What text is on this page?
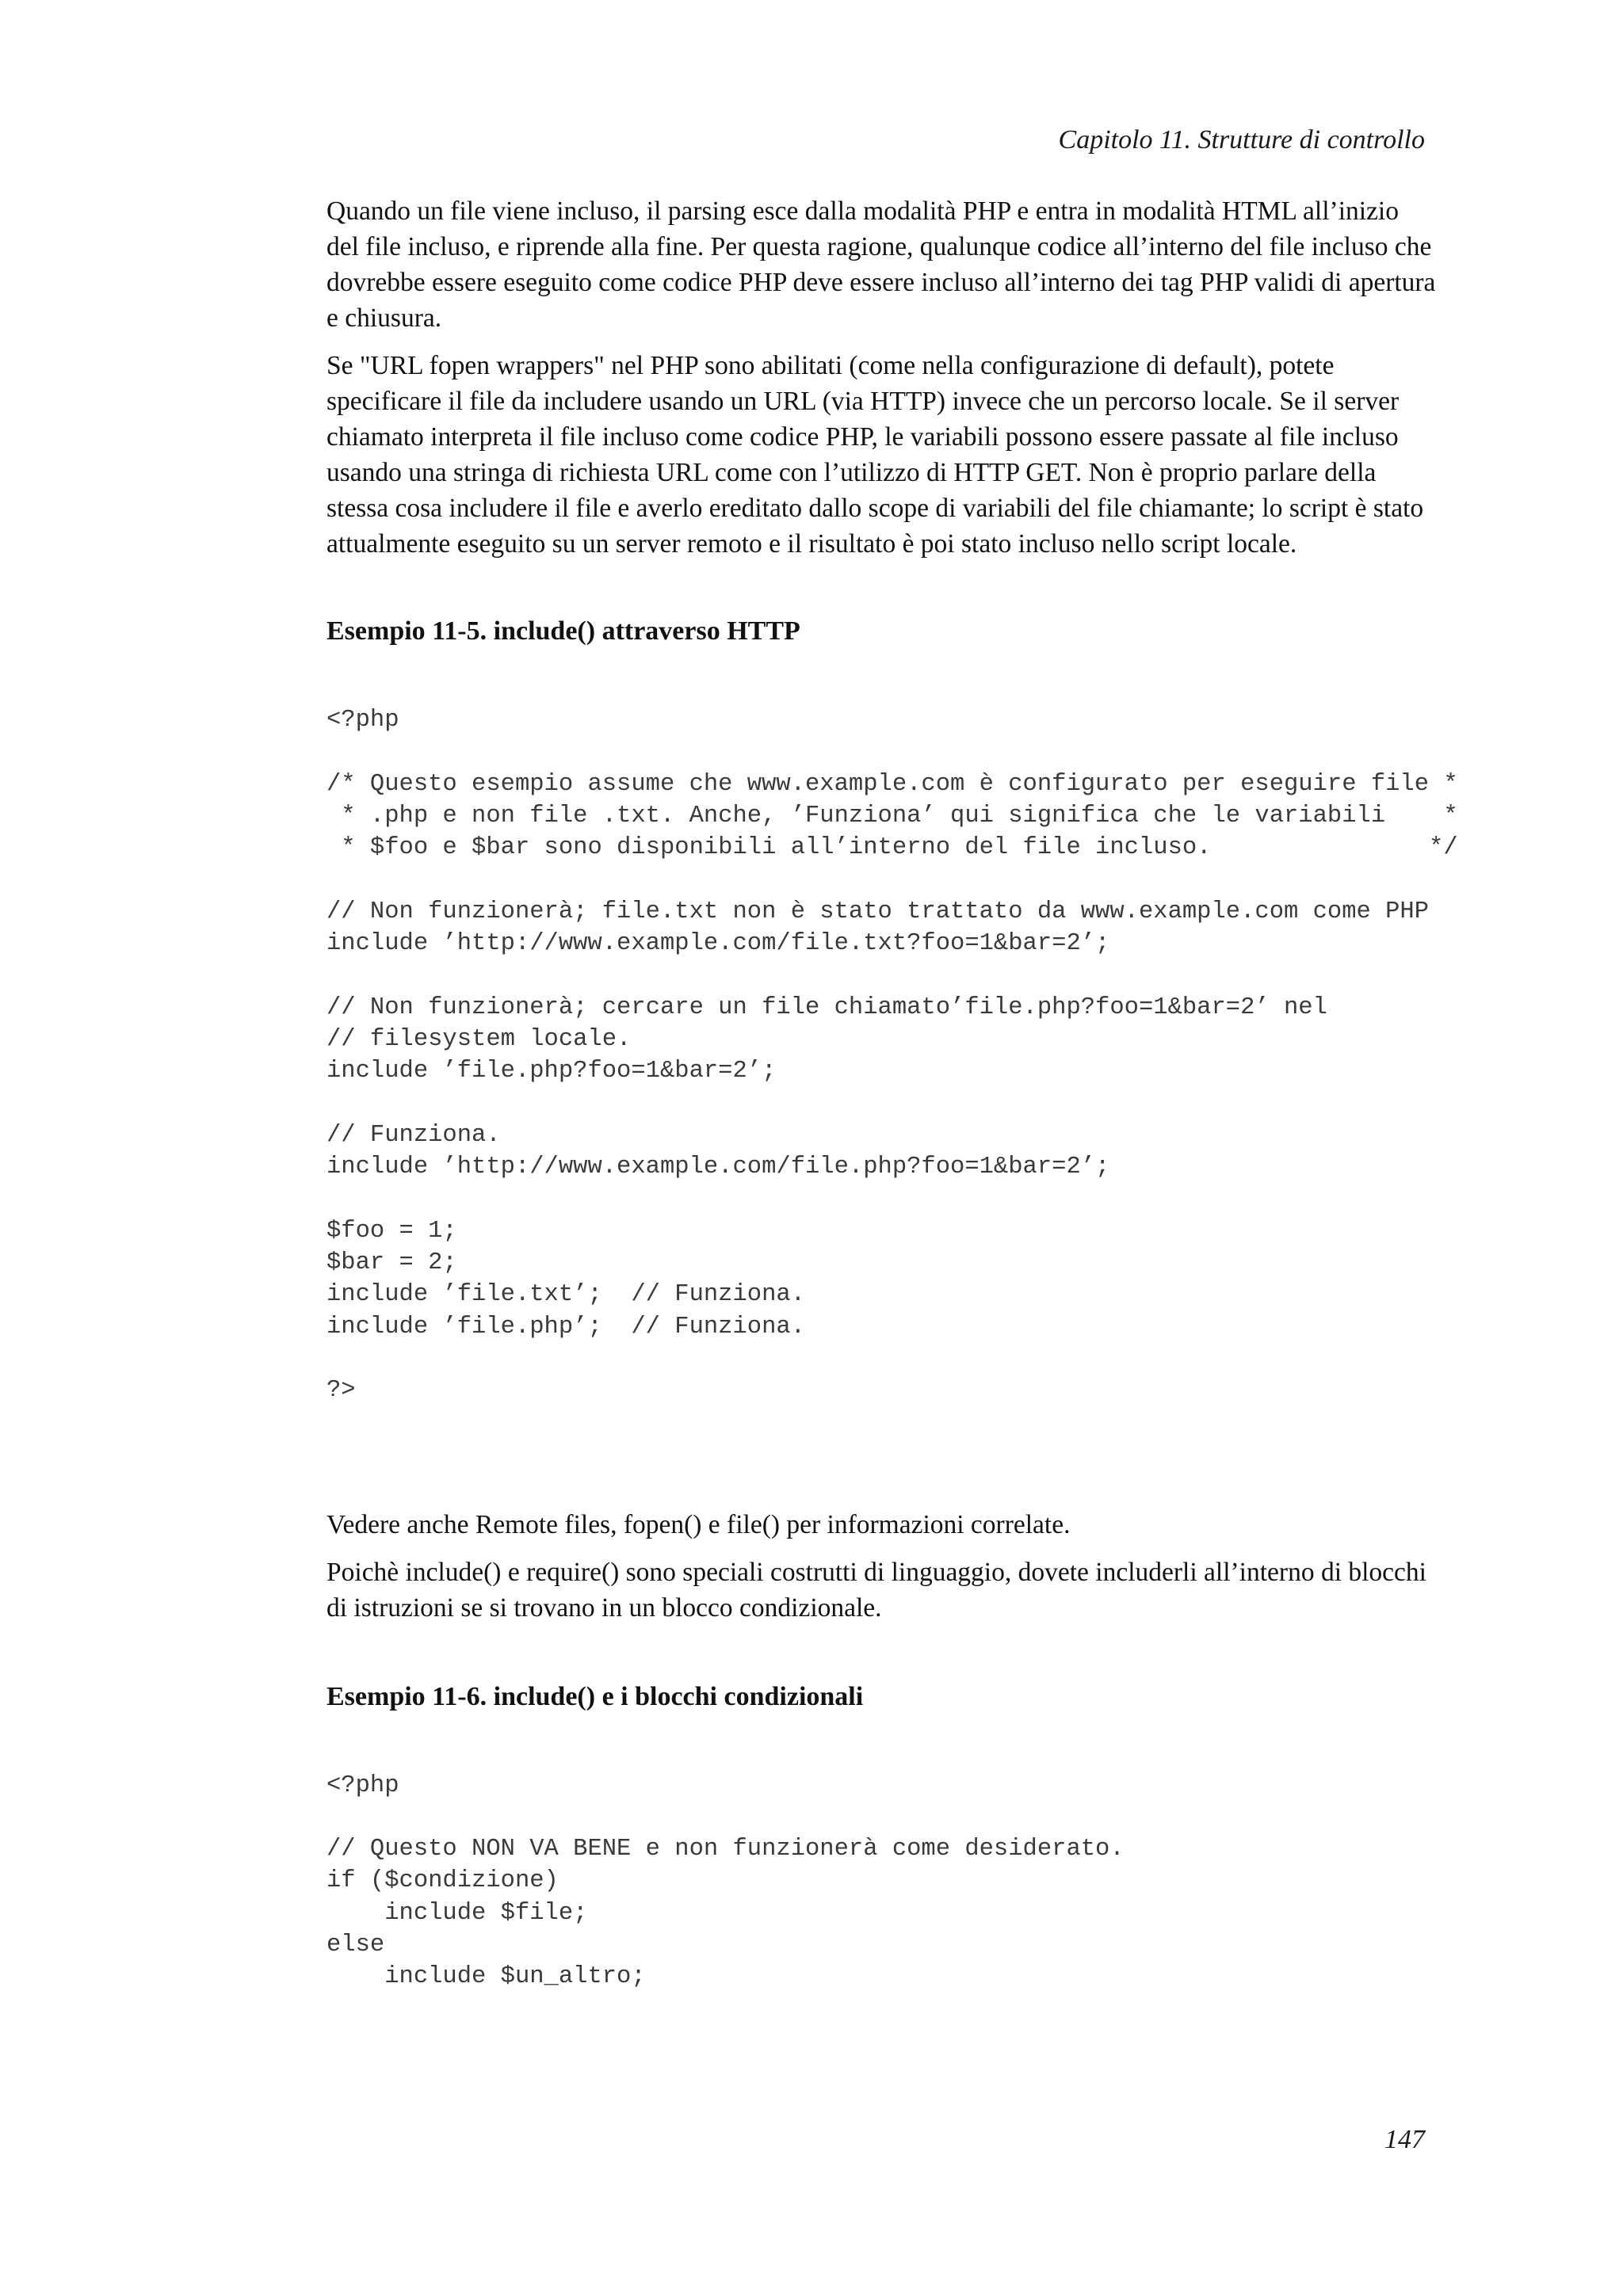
Capitolo 11. Strutture di controllo

Quando un file viene incluso, il parsing esce dalla modalità PHP e entra in modalità HTML all’inizio del file incluso, e riprende alla fine. Per questa ragione, qualunque codice all’interno del file incluso che dovrebbe essere eseguito come codice PHP deve essere incluso all’interno dei tag PHP validi di apertura e chiusura.

Se "URL fopen wrappers" nel PHP sono abilitati (come nella configurazione di default), potete specificare il file da includere usando un URL (via HTTP) invece che un percorso locale. Se il server chiamato interpreta il file incluso come codice PHP, le variabili possono essere passate al file incluso usando una stringa di richiesta URL come con l’utilizzo di HTTP GET. Non è proprio parlare della stessa cosa includere il file e averlo ereditato dallo scope di variabili del file chiamante; lo script è stato attualmente eseguito su un server remoto e il risultato è poi stato incluso nello script locale.

Esempio 11-5. include() attraverso HTTP
<?php

/* Questo esempio assume che www.example.com è configurato per eseguire file *
* .php e non file .txt. Anche, ’Funziona’ qui significa che le variabili    *
* $foo e $bar sono disponibili all’interno del file incluso.               */

// Non funzionerà; file.txt non è stato trattato da www.example.com come PHP
include ’http://www.example.com/file.txt?foo=1&bar=2’;

// Non funzionerà; cercare un file chiamato’file.php?foo=1&bar=2’ nel
// filesystem locale.
include ’file.php?foo=1&bar=2’;

// Funziona.
include ’http://www.example.com/file.php?foo=1&bar=2’;

$foo = 1;
$bar = 2;
include ’file.txt’;  // Funziona.
include ’file.php’;  // Funziona.

?>

Vedere anche Remote files, fopen() e file() per informazioni correlate.

Poichè include() e require() sono speciali costrutti di linguaggio, dovete includerli all’interno di blocchi di istruzioni se si trovano in un blocco condizionale.

Esempio 11-6. include() e i blocchi condizionali
<?php

// Questo NON VA BENE e non funzionerà come desiderato.
if ($condizione)
include $file;
else
include $un_altro;
147
